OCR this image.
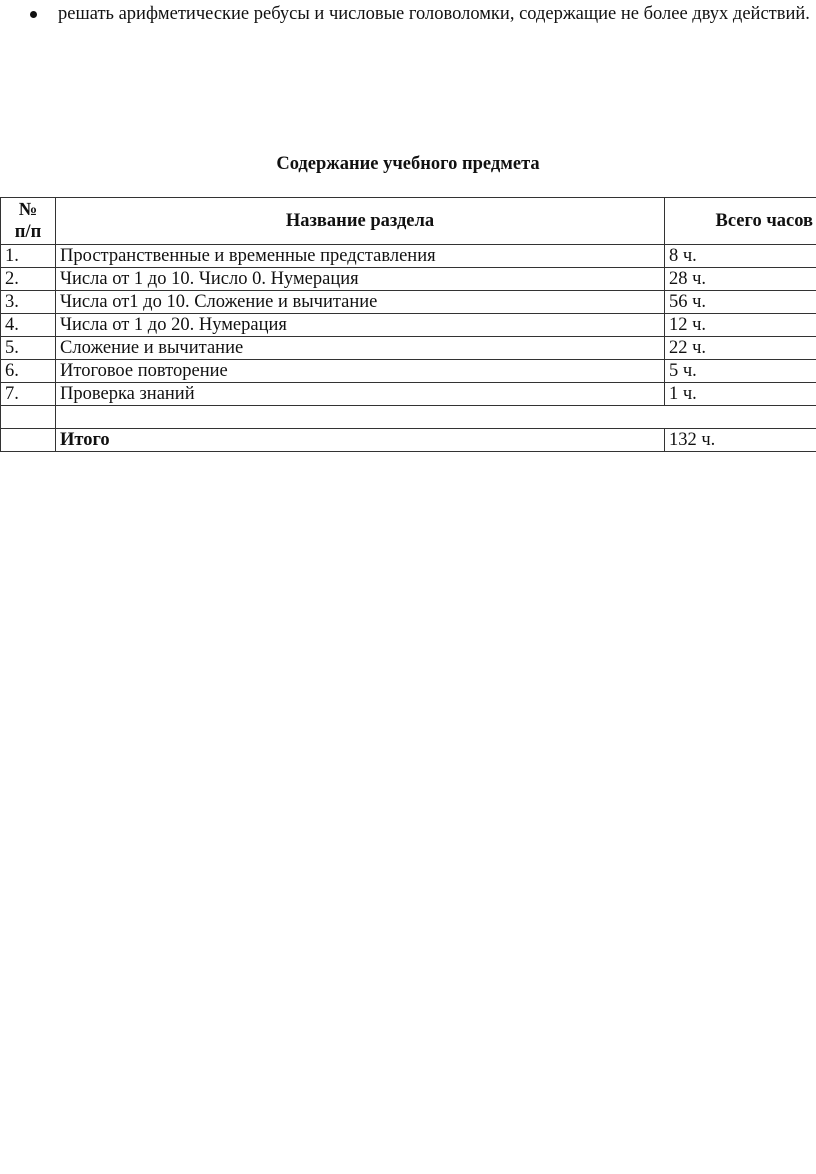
решать арифметические ребусы и числовые головоломки, содержащие не более двух действий.
Содержание учебного предмета
№
п/п	Название раздела	Всего часов
1.	Пространственные и временные представления	8 ч.
2.	Числа от 1 до 10. Число 0. Нумерация	28 ч.
3.	Числа от1 до 10. Сложение и вычитание	56 ч.
4.	Числа от 1 до 20. Нумерация	12 ч.
5.	Сложение и вычитание	22 ч.
6.	Итоговое повторение	5 ч.
7.	Проверка знаний	1 ч.

	Итого	132 ч.
